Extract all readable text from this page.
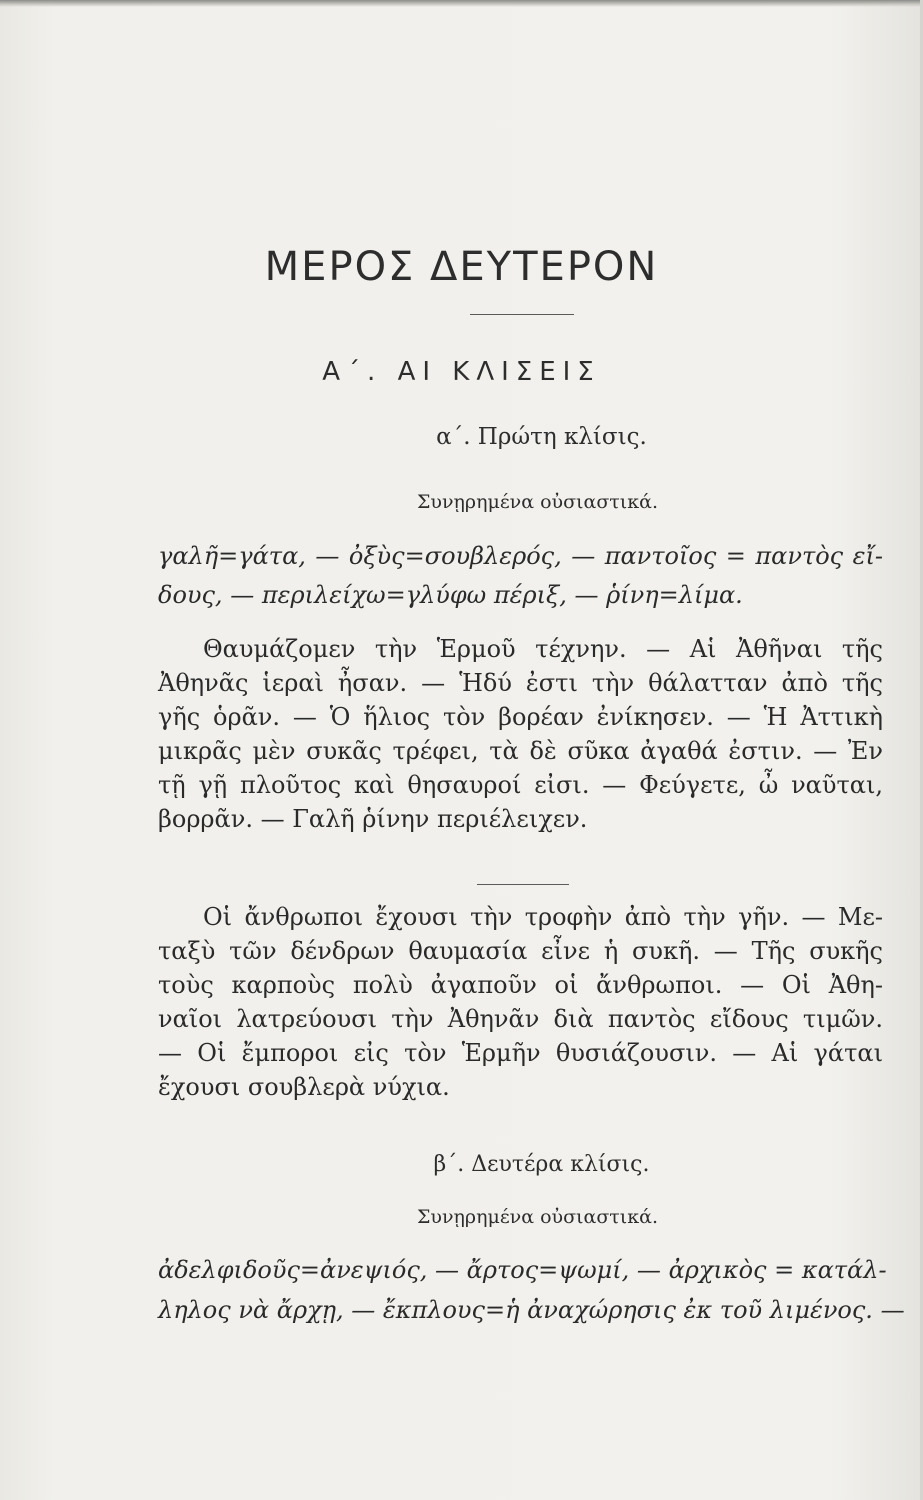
ΜΕΡΟΣ ΔΕΥΤΕΡΟΝ
Α΄. ΑΙ ΚΛΙΣΕΙΣ
α΄. Πρώτη κλίσις.
Συνῃρημένα οὐσιαστικά.
γαλῆ=γάτα, — ὀξὺς=σουβλερός, — παντοῖος = παντὸς εἴ-
δους, — περιλείχω=γλύφω πέριξ, — ῥίνη=λίμα.
Θαυμάζομεν τὴν Ἑρμοῦ τέχνην. — Αἱ Ἀθῆναι τῆς
Ἀθηνᾶς ἱεραὶ ἦσαν. — Ἡδύ ἐστι τὴν θάλατταν ἀπὸ τῆς
γῆς ὁρᾶν. — Ὁ ἥλιος τὸν βορέαν ἐνίκησεν. — Ἡ Ἀττικὴ
μικρᾶς μὲν συκᾶς τρέφει, τὰ δὲ σῦκα ἀγαθά ἐστιν. — Ἐν
τῇ γῇ πλοῦτος καὶ θησαυροί εἰσι. — Φεύγετε, ὦ ναῦται,
βορρᾶν. — Γαλῆ ῥίνην περιέλειχεν.
Οἱ ἄνθρωποι ἔχουσι τὴν τροφὴν ἀπὸ τὴν γῆν. — Με-
ταξὺ τῶν δένδρων θαυμασία εἶνε ἡ συκῆ. — Τῆς συκῆς
τοὺς καρποὺς πολὺ ἀγαποῦν οἱ ἄνθρωποι. — Οἱ Ἀθη-
ναῖοι λατρεύουσι τὴν Ἀθηνᾶν διὰ παντὸς εἴδους τιμῶν.
— Οἱ ἔμποροι εἰς τὸν Ἑρμῆν θυσιάζουσιν. — Αἱ γάται
ἔχουσι σουβλερὰ νύχια.
β΄. Δευτέρα κλίσις.
Συνῃρημένα οὐσιαστικά.
ἀδελφιδοῦς=ἀνεψιός, — ἄρτος=ψωμί, — ἀρχικὸς = κατάλ-
ληλος νὰ ἄρχῃ, — ἔκπλους=ἡ ἀναχώρησις ἐκ τοῦ λιμένος. —
